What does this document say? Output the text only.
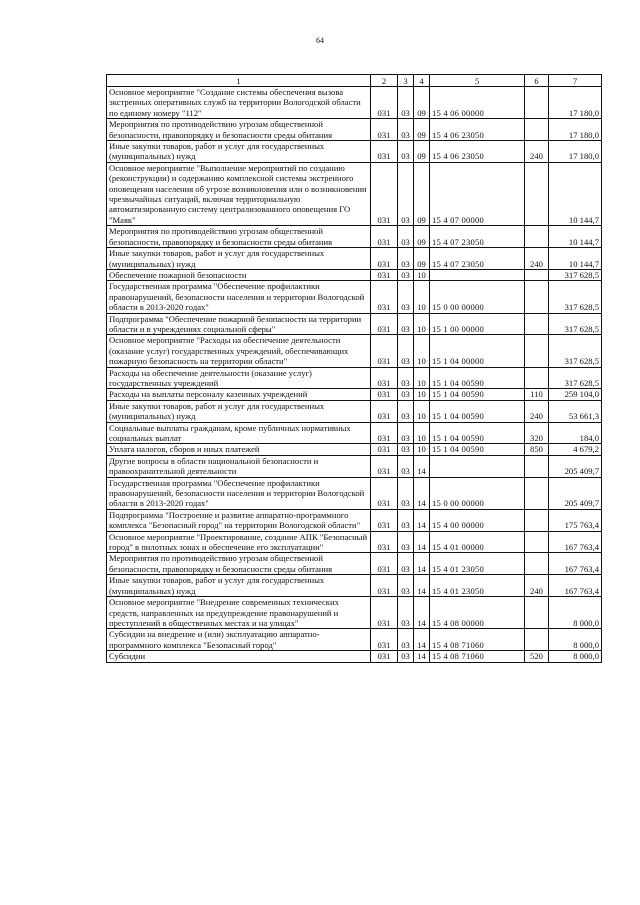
64
1	2	3	4	5	6	7
Основное мероприятие "Создание системы обеспечения вызова экстренных оперативных служб на территории Вологодской области по единому номеру "112"	031	03	09	15 4 06 00000		17 180,0
Мероприятия по противодействию угрозам общественной безопасности, правопорядку и безопасности среды обитания	031	03	09	15 4 06 23050		17 180,0
Иные закупки товаров, работ и услуг для государственных (муниципальных) нужд	031	03	09	15 4 06 23050	240	17 180,0
Основное мероприятие "Выполнение мероприятий по созданию (реконструкции) и содержанию комплексной системы экстренного оповещения населения об угрозе возникновения или о возникновении чрезвычайных ситуаций, включая территориальную автоматизированную систему централизованного оповещения ГО "Маяк"	031	03	09	15 4 07 00000		10 144,7
Мероприятия по противодействию угрозам общественной безопасности, правопорядку и безопасности среды обитания	031	03	09	15 4 07 23050		10 144,7
Иные закупки товаров, работ и услуг для государственных (муниципальных) нужд	031	03	09	15 4 07 23050	240	10 144,7
Обеспечение пожарной безопасности	031	03	10			317 628,5
Государственная программа "Обеспечение профилактики правонарушений, безопасности населения и территории Вологодской области в 2013-2020 годах"	031	03	10	15 0 00 00000		317 628,5
Подпрограмма "Обеспечение пожарной безопасности на территории области и в учреждениях социальной сферы"	031	03	10	15 1 00 00000		317 628,5
Основное мероприятие "Расходы на обеспечение деятельности (оказание услуг) государственных учреждений, обеспечивающих пожарную безопасность на территории области"	031	03	10	15 1 04 00000		317 628,5
Расходы на обеспечение деятельности (оказание услуг) государственных учреждений	031	03	10	15 1 04 00590		317 628,5
Расходы на выплаты персоналу казенных учреждений	031	03	10	15 1 04 00590	110	259 104,0
Иные закупки товаров, работ и услуг для государственных (муниципальных) нужд	031	03	10	15 1 04 00590	240	53 661,3
Социальные выплаты гражданам, кроме публичных нормативных социальных выплат	031	03	10	15 1 04 00590	320	184,0
Уплата налогов, сборов и иных платежей	031	03	10	15 1 04 00590	850	4 679,2
Другие вопросы в области национальной безопасности и правоохранительной деятельности	031	03	14			205 409,7
Государственная программа "Обеспечение профилактики правонарушений, безопасности населения и территории Вологодской области в 2013-2020 годах"	031	03	14	15 0 00 00000		205 409,7
Подпрограмма "Построение и развитие аппаратно-программного комплекса "Безопасный город" на территории Вологодской области"	031	03	14	15 4 00 00000		175 763,4
Основное мероприятие "Проектирование, создание АПК "Безопасный город" в пилотных зонах и обеспечение его эксплуатации"	031	03	14	15 4 01 00000		167 763,4
Мероприятия по противодействию угрозам общественной безопасности, правопорядку и безопасности среды обитания	031	03	14	15 4 01 23050		167 763,4
Иные закупки товаров, работ и услуг для государственных (муниципальных) нужд	031	03	14	15 4 01 23050	240	167 763,4
Основное мероприятие "Внедрение современных технических средств, направленных на предупреждение правонарушений и преступлений в общественных местах и на улицах"	031	03	14	15 4 08 00000		8 000,0
Субсидии на внедрение и (или) эксплуатацию аппаратно-программного комплекса "Безопасный город"	031	03	14	15 4 08 71060		8 000,0
Субсидии	031	03	14	15 4 08 71060	520	8 000,0
